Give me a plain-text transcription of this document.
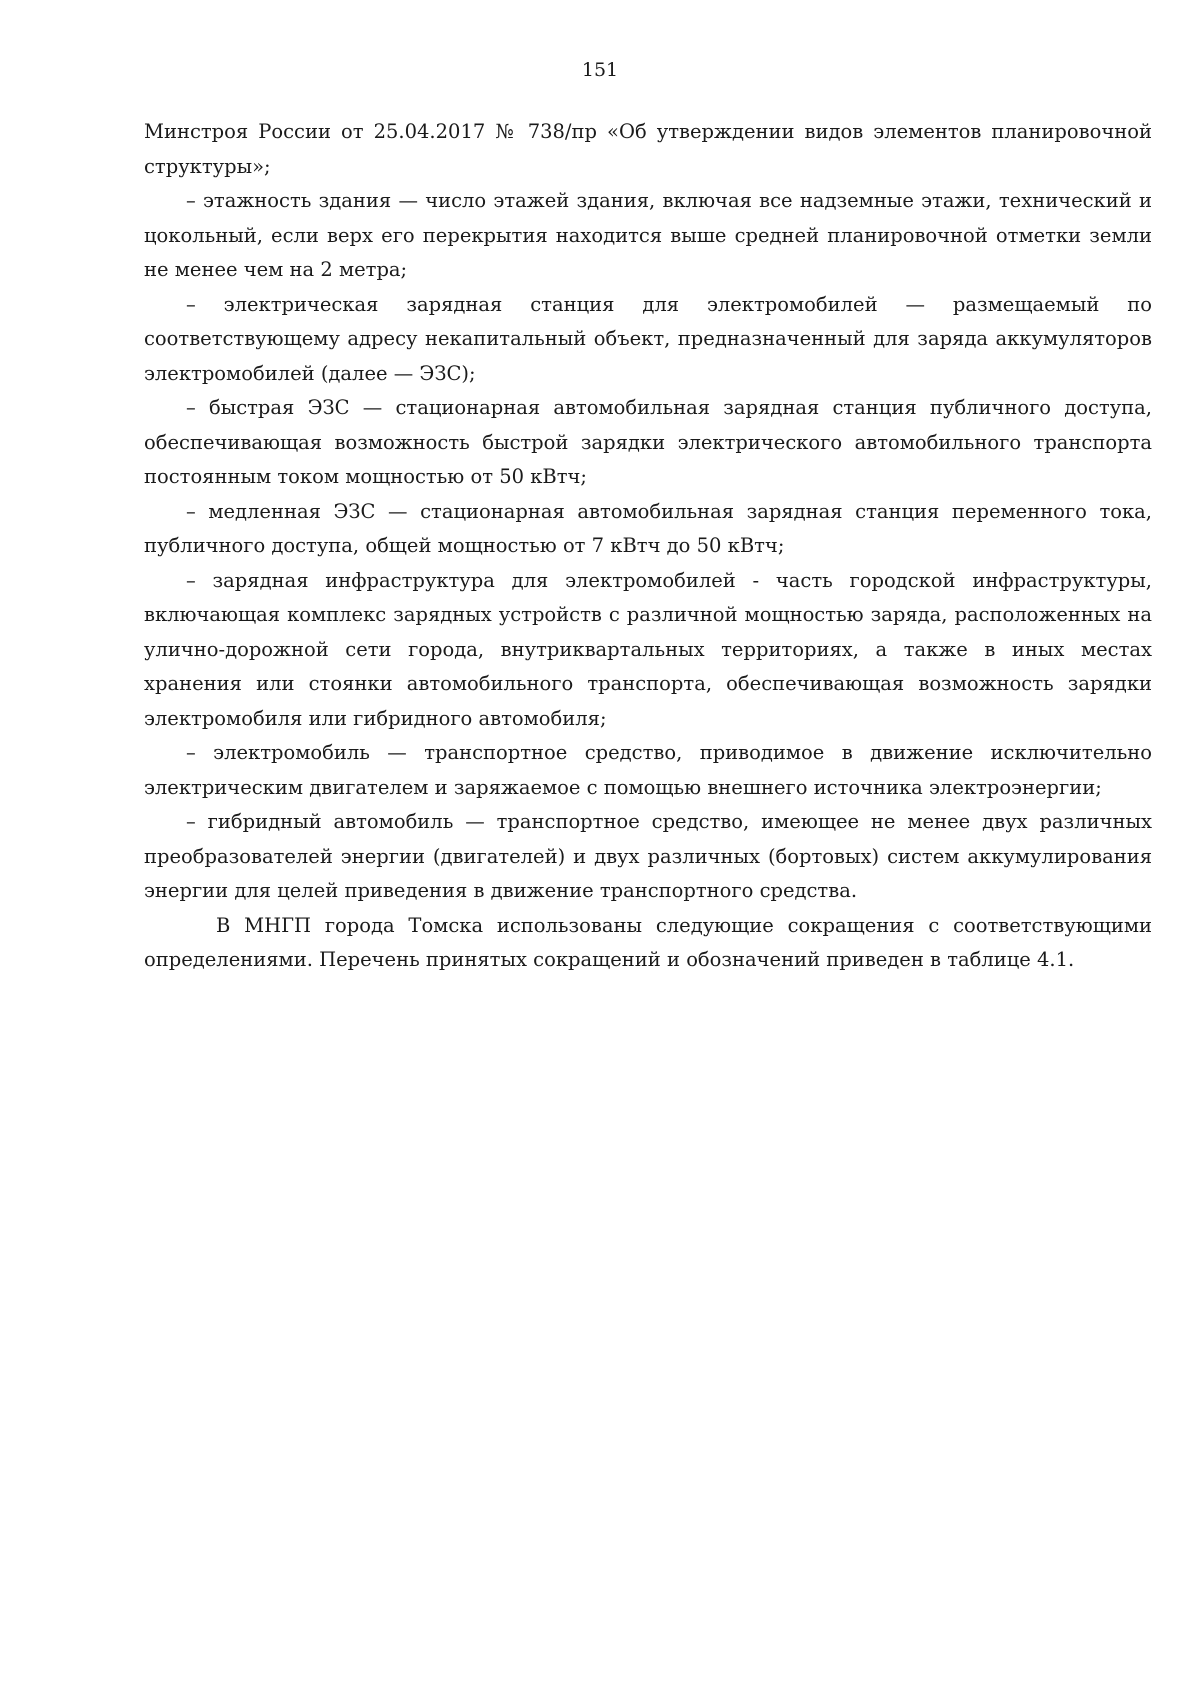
151

Минстроя России от 25.04.2017 № 738/пр «Об утверждении видов элементов планировочной структуры»;

– этажность здания — число этажей здания, включая все надземные этажи, технический и цокольный, если верх его перекрытия находится выше средней планировочной отметки земли не менее чем на 2 метра;

– электрическая зарядная станция для электромобилей — размещаемый по соответствующему адресу некапитальный объект, предназначенный для заряда аккумуляторов электромобилей (далее — ЭЗС);

– быстрая ЭЗС — стационарная автомобильная зарядная станция публичного доступа, обеспечивающая возможность быстрой зарядки электрического автомобильного транспорта постоянным током мощностью от 50 кВтч;

– медленная ЭЗС — стационарная автомобильная зарядная станция переменного тока, публичного доступа, общей мощностью от 7 кВтч до 50 кВтч;

– зарядная инфраструктура для электромобилей - часть городской инфраструктуры, включающая комплекс зарядных устройств с различной мощностью заряда, расположенных на улично-дорожной сети города, внутриквартальных территориях, а также в иных местах хранения или стоянки автомобильного транспорта, обеспечивающая возможность зарядки электромобиля или гибридного автомобиля;

– электромобиль — транспортное средство, приводимое в движение исключительно электрическим двигателем и заряжаемое с помощью внешнего источника электроэнергии;

– гибридный автомобиль — транспортное средство, имеющее не менее двух различных преобразователей энергии (двигателей) и двух различных (бортовых) систем аккумулирования энергии для целей приведения в движение транспортного средства.

В МНГП города Томска использованы следующие сокращения с соответствующими определениями. Перечень принятых сокращений и обозначений приведен в таблице 4.1.
